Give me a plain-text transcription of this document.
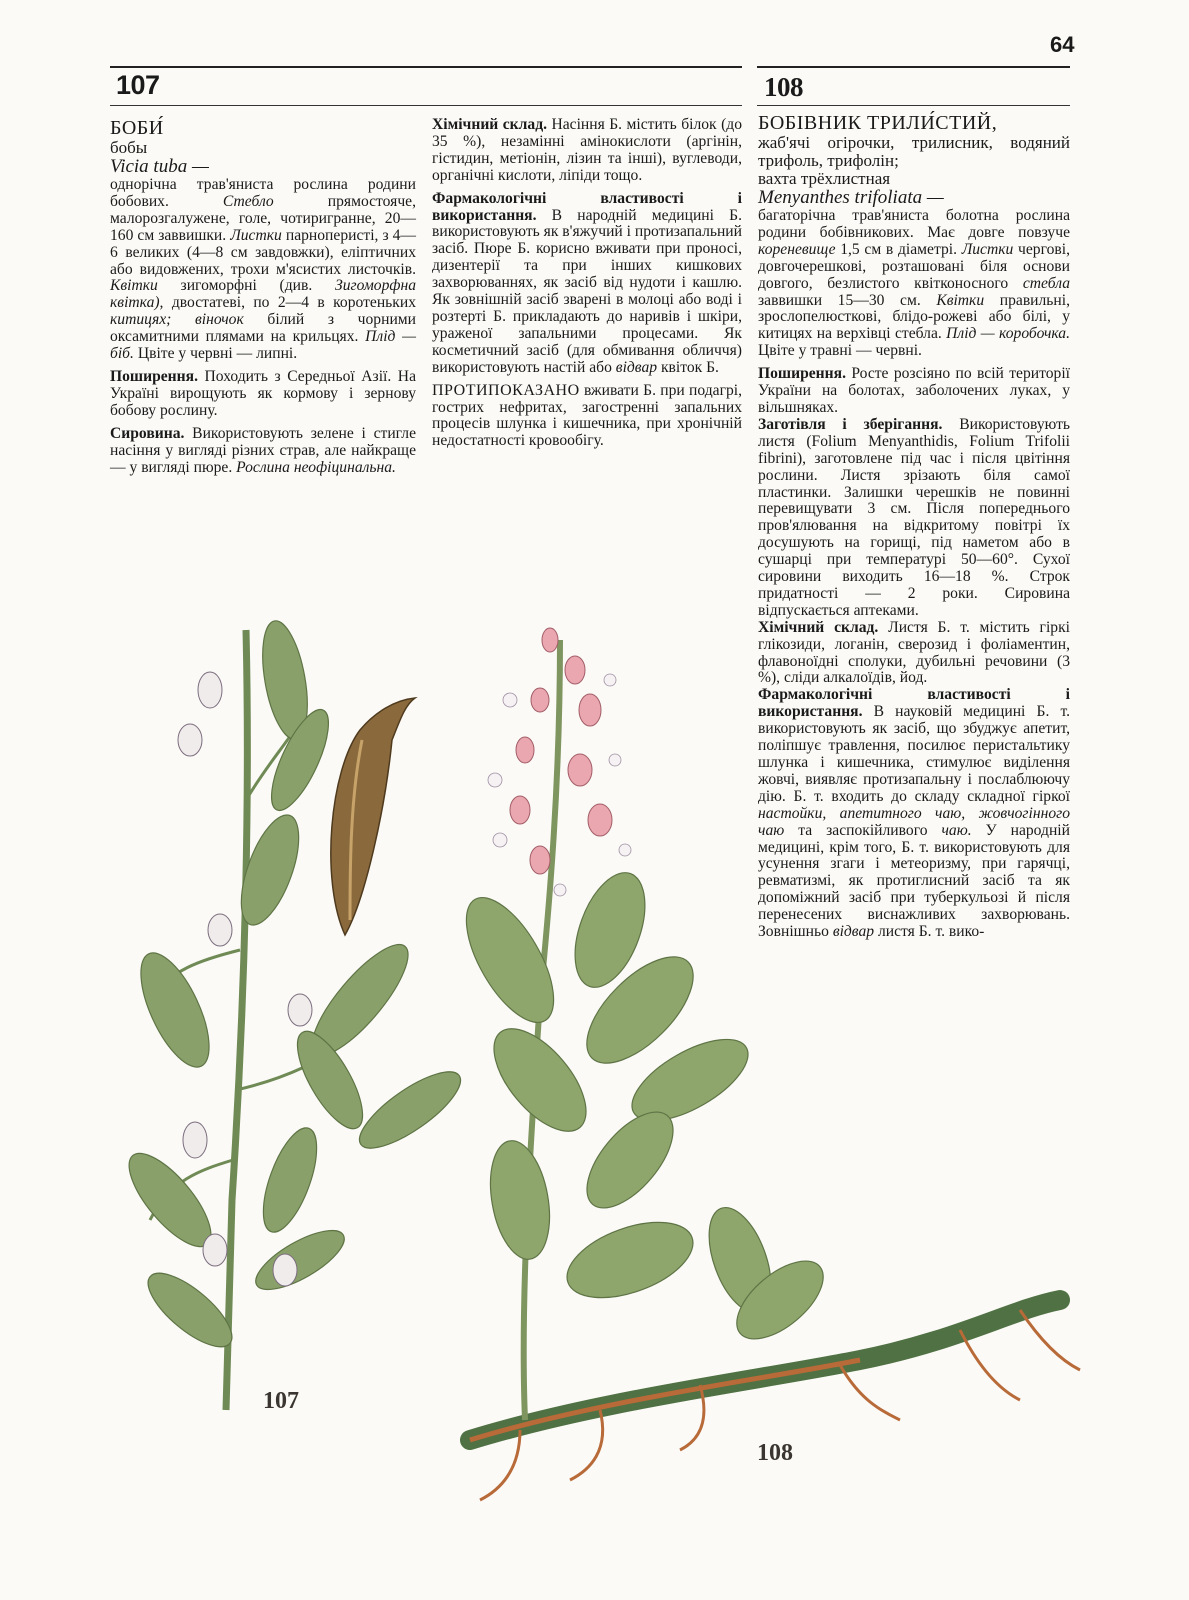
64
107	108

БОБИ́

бобы

Vicia tuba —

однорічна трав'яниста рослина родини бобових. Стебло прямостояче, малорозгалужене, голе, чотиригранне, 20—160 см заввишки. Листки парноперисті, з 4—6 великих (4—8 см завдовжки), еліптичних або видовжених, трохи м'ясистих листочків. Квітки зигоморфні (див. Зигоморфна квітка), двостатеві, по 2—4 в коротеньких китицях; віночок білий з чорними оксамитними плямами на крильцях. Плід — біб. Цвіте у червні — липні.

Поширення. Походить з Середньої Азії. На Україні вирощують як кормову і зернову бобову рослину.

Сировина. Використовують зелене і стигле насіння у вигляді різних страв, але найкраще — у вигляді пюре. Рослина неофіцинальна.

Хімічний склад. Насіння Б. містить білок (до 35 %), незамінні амінокислоти (аргінін, гістидин, метіонін, лізин та інші), вуглеводи, органічні кислоти, ліпіди тощо.

Фармакологічні властивості і використання. В народній медицині Б. використовують як в'яжучий і протизапальний засіб. Пюре Б. корисно вживати при проносі, дизентерії та при інших кишкових захворюваннях, як засіб від нудоти і кашлю. Як зовнішній засіб зварені в молоці або воді і розтерті Б. прикладають до наривів і шкіри, ураженої запальними процесами. Як косметичний засіб (для обмивання обличчя) використовують настій або відвар квіток Б.

ПРОТИПОКАЗАНО вживати Б. при подагрі, гострих нефритах, загостренні запальних процесів шлунка і кишечника, при хронічній недостатності кровообігу.

БОБІВНИК ТРИЛИ́СТИЙ,

жаб'ячі огірочки, трилисник, водяний трифоль, трифолін;

вахта трёхлистная

Menyanthes trifoliata —

багаторічна трав'яниста болотна рослина родини бобівникових. Має довге повзуче кореневище 1,5 см в діаметрі. Листки чергові, довгочерешкові, розташовані біля основи довгого, безлистого квітконосного стебла заввишки 15—30 см. Квітки правильні, зрослопелюсткові, блідо-рожеві або білі, у китицях на верхівці стебла. Плід — коробочка. Цвіте у травні — червні.

Поширення. Росте розсіяно по всій території України на болотах, заболочених луках, у вільшняках.

Заготівля і зберігання. Використовують листя (Folium Menyanthidis, Folium Trifolii fibrini), заготовлене під час і після цвітіння рослини. Листя зрізають біля самої пластинки. Залишки черешків не повинні перевищувати 3 см. Після попереднього пров'ялювання на відкритому повітрі їх досушують на горищі, під наметом або в сушарці при температурі 50—60°. Сухої сировини виходить 16—18 %. Строк придатності — 2 роки. Сировина відпускається аптеками.

Хімічний склад. Листя Б. т. містить гіркі глікозиди, логанін, сверозид і фоліаментин, флавоноїдні сполуки, дубильні речовини (3 %), сліди алкалоїдів, йод.

Фармакологічні властивості і використання. В науковій медицині Б. т. використовують як засіб, що збуджує апетит, поліпшує травлення, посилює перистальтику шлунка і кишечника, стимулює виділення жовчі, виявляє протизапальну і послаблюючу дію. Б. т. входить до складу складної гіркої настойки, апетитного чаю, жовчогінного чаю та заспокійливого чаю. У народній медицині, крім того, Б. т. використовують для усунення згаги і метеоризму, при гарячці, ревматизмі, як протиглисний засіб та як допоміжний засіб при туберкульозі й після перенесених виснажливих захворювань. Зовнішньо відвар листя Б. т. вико-

107
108
